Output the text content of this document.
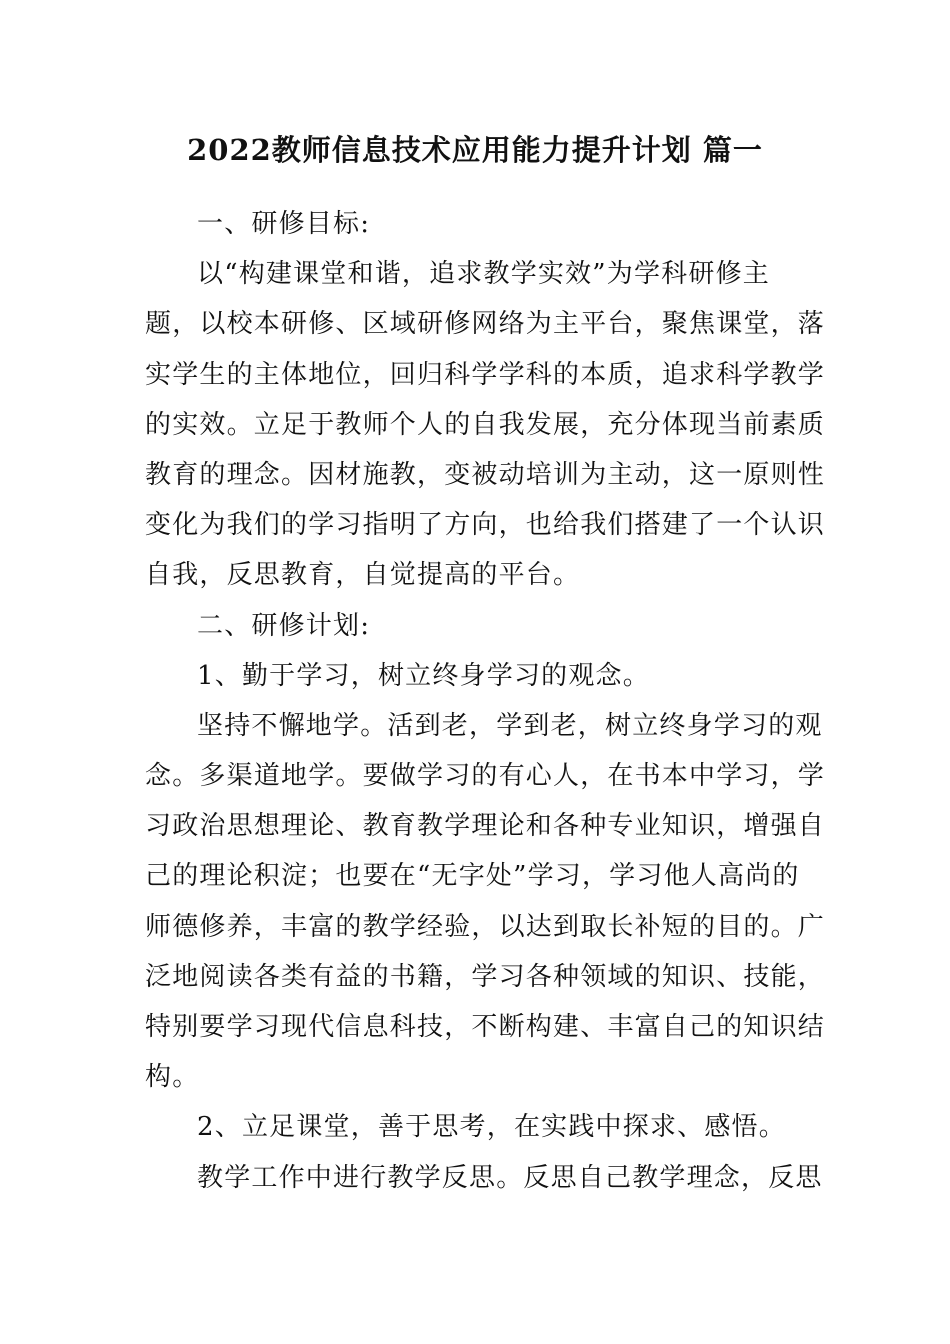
2022教师信息技术应用能力提升计划 篇一
一、研修目标:
以“构建课堂和谐，追求教学实效”为学科研修主
题，以校本研修、区域研修网络为主平台，聚焦课堂，落
实学生的主体地位，回归科学学科的本质，追求科学教学
的实效。立足于教师个人的自我发展，充分体现当前素质
教育的理念。因材施教，变被动培训为主动，这一原则性
变化为我们的学习指明了方向，也给我们搭建了一个认识
自我，反思教育，自觉提高的平台。
二、研修计划:
1、勤于学习，树立终身学习的观念。
坚持不懈地学。活到老，学到老，树立终身学习的观
念。多渠道地学。要做学习的有心人，在书本中学习，学
习政治思想理论、教育教学理论和各种专业知识，增强自
己的理论积淀；也要在“无字处”学习，学习他人高尚的
师德修养，丰富的教学经验，以达到取长补短的目的。广
泛地阅读各类有益的书籍，学习各种领域的知识、技能，
特别要学习现代信息科技，不断构建、丰富自己的知识结
构。
2、立足课堂，善于思考，在实践中探求、感悟。
教学工作中进行教学反思。反思自己教学理念，反思
